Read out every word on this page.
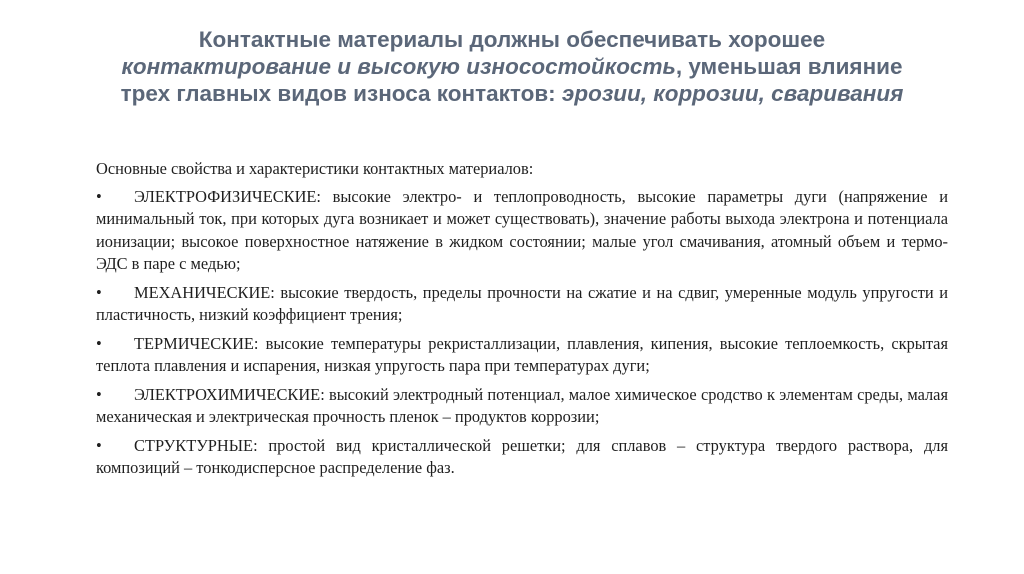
Контактные материалы должны обеспечивать хорошее контактирование и высокую износостойкость, уменьшая влияние трех главных видов износа контактов: эрозии, коррозии, сваривания
Основные свойства и характеристики контактных материалов:
• ЭЛЕКТРОФИЗИЧЕСКИЕ: высокие электро- и теплопроводность, высокие параметры дуги (напряжение и минимальный ток, при которых дуга возникает и может существовать), значение работы выхода электрона и потенциала ионизации; высокое поверхностное натяжение в жидком состоянии; малые угол смачивания, атомный объем и термо-ЭДС в паре с медью;
• МЕХАНИЧЕСКИЕ: высокие твердость, пределы прочности на сжатие и на сдвиг, умеренные модуль упругости и пластичность, низкий коэффициент трения;
• ТЕРМИЧЕСКИЕ: высокие температуры рекристаллизации, плавления, кипения, высокие теплоемкость, скрытая теплота плавления и испарения, низкая упругость пара при температурах дуги;
• ЭЛЕКТРОХИМИЧЕСКИЕ: высокий электродный потенциал, малое химическое сродство к элементам среды, малая механическая и электрическая прочность пленок – продуктов коррозии;
• СТРУКТУРНЫЕ: простой вид кристаллической решетки; для сплавов – структура твердого раствора, для композиций – тонкодисперсное распределение фаз.
